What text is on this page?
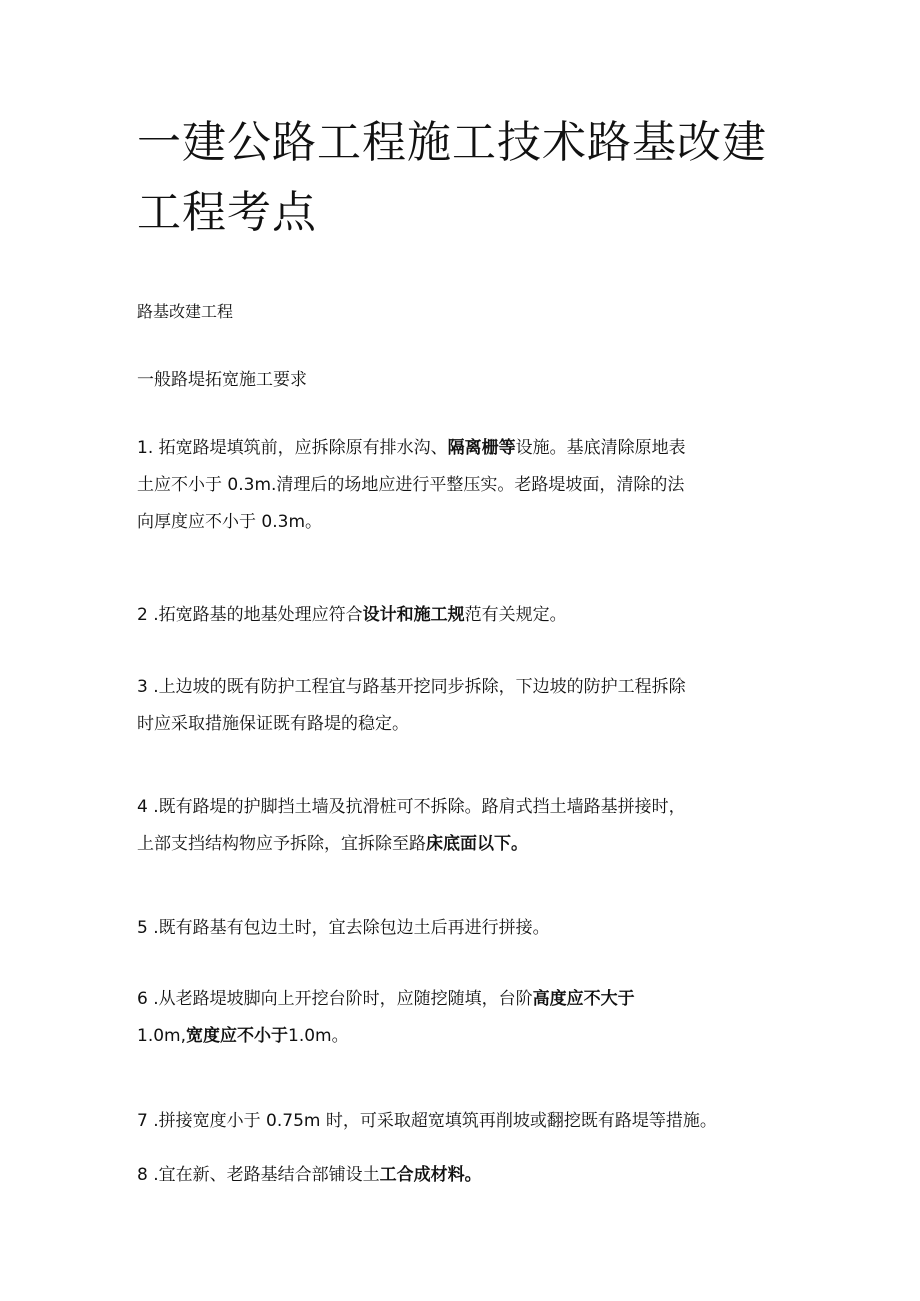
一建公路工程施工技术路基改建
工程考点
路基改建工程
一般路堤拓宽施工要求
1. 拓宽路堤填筑前，应拆除原有排水沟、隔离栅等设施。基底清除原地表
土应不小于 0.3m.清理后的场地应进行平整压实。老路堤坡面，清除的法
向厚度应不小于 0.3m。
2 .拓宽路基的地基处理应符合设计和施工规范有关规定。
3 .上边坡的既有防护工程宜与路基开挖同步拆除，下边坡的防护工程拆除
时应采取措施保证既有路堤的稳定。
4 .既有路堤的护脚挡土墙及抗滑桩可不拆除。路肩式挡土墙路基拼接时，
上部支挡结构物应予拆除，宜拆除至路床底面以下。
5 .既有路基有包边土时，宜去除包边土后再进行拼接。
6 .从老路堤坡脚向上开挖台阶时，应随挖随填，台阶高度应不大于
1.0m,宽度应不小于1.0m。
7 .拼接宽度小于 0.75m 时，可采取超宽填筑再削坡或翻挖既有路堤等措施。
8 .宜在新、老路基结合部铺设土工合成材料。
